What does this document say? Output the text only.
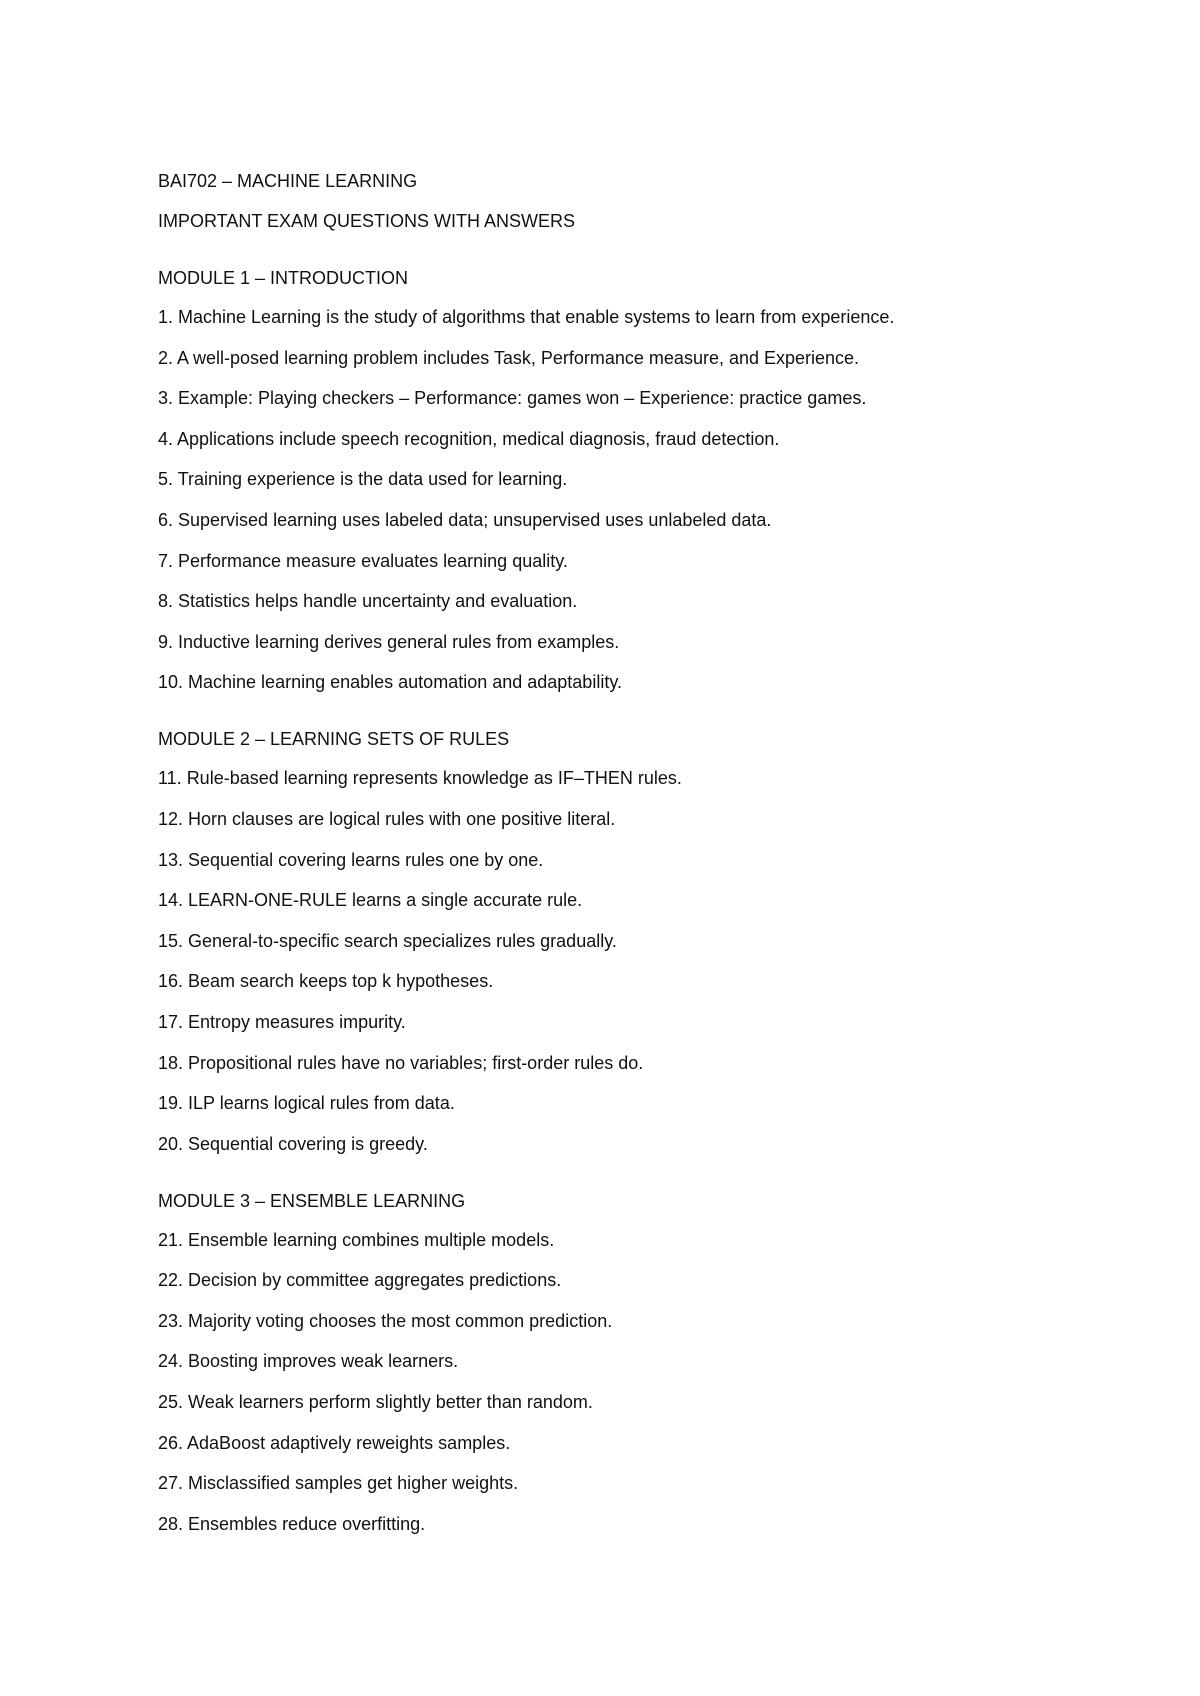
BAI702 – MACHINE LEARNING

IMPORTANT EXAM QUESTIONS WITH ANSWERS

MODULE 1 – INTRODUCTION

1. Machine Learning is the study of algorithms that enable systems to learn from experience.

2. A well-posed learning problem includes Task, Performance measure, and Experience.

3. Example: Playing checkers – Performance: games won – Experience: practice games.

4. Applications include speech recognition, medical diagnosis, fraud detection.

5. Training experience is the data used for learning.

6. Supervised learning uses labeled data; unsupervised uses unlabeled data.

7. Performance measure evaluates learning quality.

8. Statistics helps handle uncertainty and evaluation.

9. Inductive learning derives general rules from examples.

10. Machine learning enables automation and adaptability.

MODULE 2 – LEARNING SETS OF RULES

11. Rule-based learning represents knowledge as IF–THEN rules.

12. Horn clauses are logical rules with one positive literal.

13. Sequential covering learns rules one by one.

14. LEARN-ONE-RULE learns a single accurate rule.

15. General-to-specific search specializes rules gradually.

16. Beam search keeps top k hypotheses.

17. Entropy measures impurity.

18. Propositional rules have no variables; first-order rules do.

19. ILP learns logical rules from data.

20. Sequential covering is greedy.

MODULE 3 – ENSEMBLE LEARNING

21. Ensemble learning combines multiple models.

22. Decision by committee aggregates predictions.

23. Majority voting chooses the most common prediction.

24. Boosting improves weak learners.

25. Weak learners perform slightly better than random.

26. AdaBoost adaptively reweights samples.

27. Misclassified samples get higher weights.

28. Ensembles reduce overfitting.
